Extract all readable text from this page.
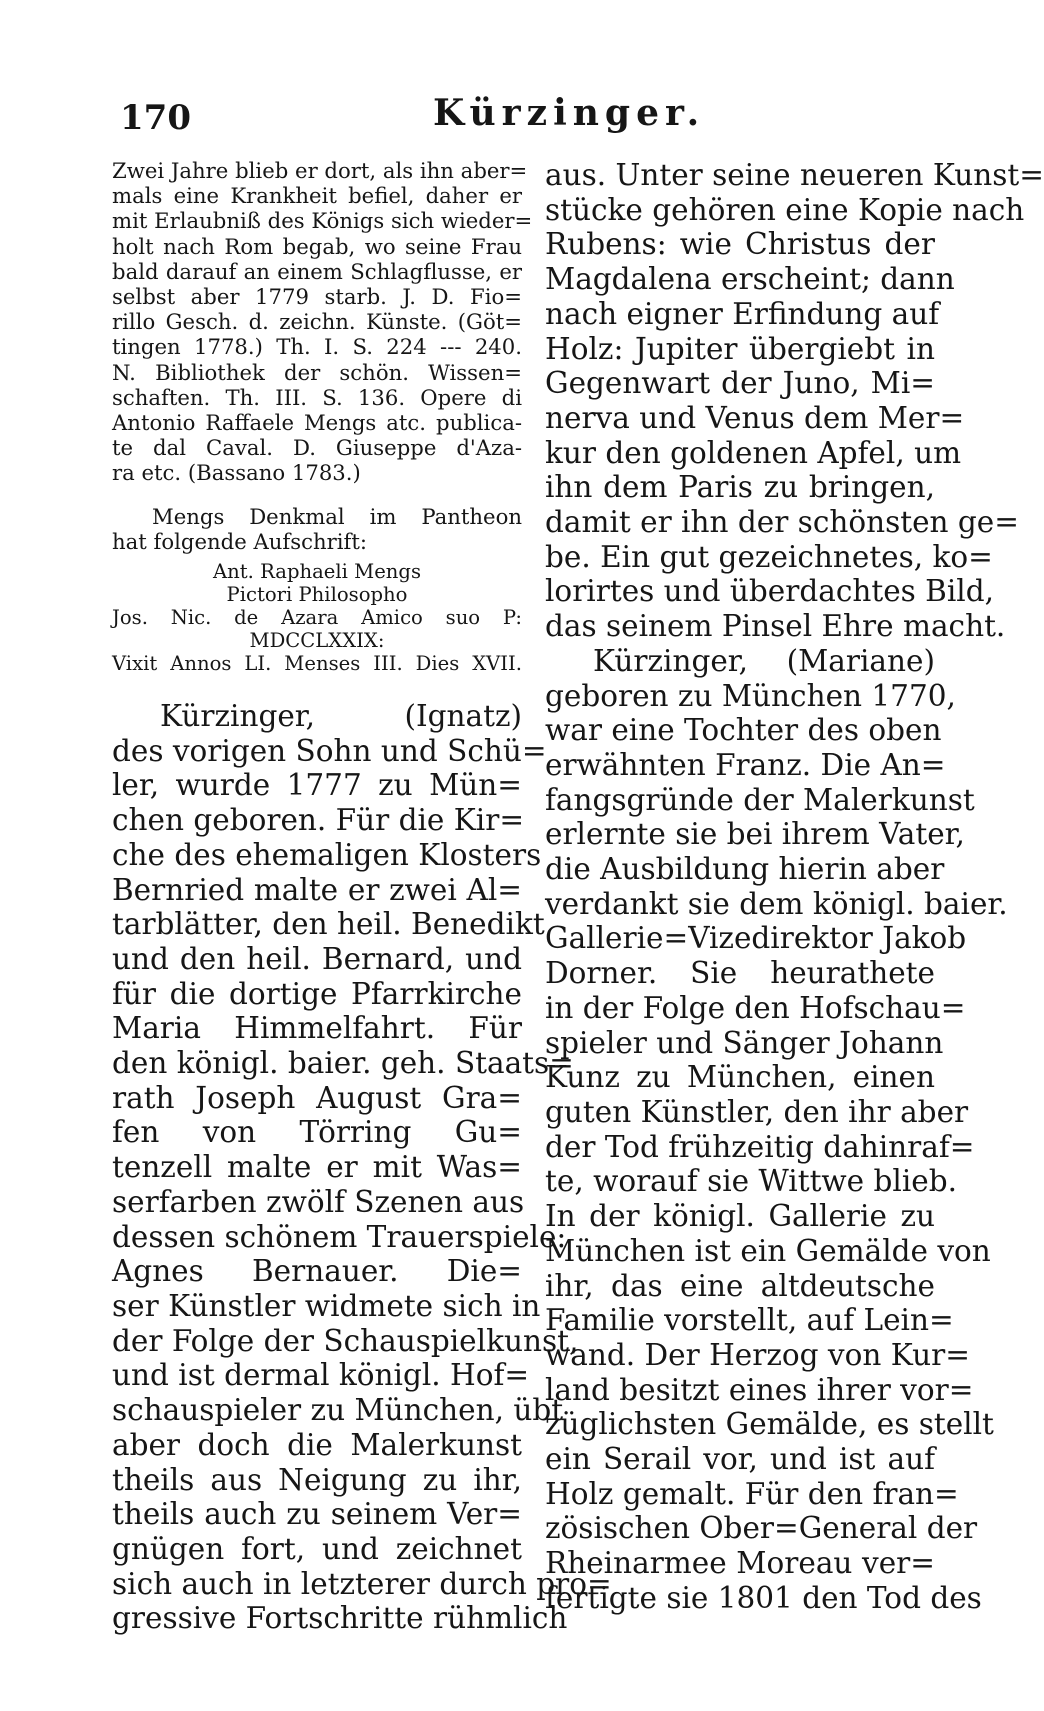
170	Kürzinger.
Zwei Jahre blieb er dort, als ihn aber=
mals eine Krankheit befiel, daher er
mit Erlaubniß des Königs sich wieder=
holt nach Rom begab, wo seine Frau
bald darauf an einem Schlagflusse, er
selbst aber 1779 starb. J. D. Fio=
rillo Gesch. d. zeichn. Künste. (Göt=
tingen 1778.) Th. I. S. 224 --- 240.
N. Bibliothek der schön. Wissen=
schaften. Th. III. S. 136. Opere di
Antonio Raffaele Mengs atc. publica-
te dal Caval. D. Giuseppe d'Aza-
ra etc. (Bassano 1783.)
Mengs Denkmal im Pantheon
hat folgende Aufschrift:
Ant. Raphaeli Mengs
Pictori Philosopho
Jos. Nic. de Azara Amico suo P:
MDCCLXXIX:
Vixit Annos LI. Menses III. Dies XVII.
Kürzinger, (Ignatz)
des vorigen Sohn und Schü=
ler, wurde 1777 zu Mün=
chen geboren. Für die Kir=
che des ehemaligen Klosters
Bernried malte er zwei Al=
tarblätter, den heil. Benedikt
und den heil. Bernard, und
für die dortige Pfarrkirche
Maria Himmelfahrt. Für
den königl. baier. geh. Staats=
rath Joseph August Gra=
fen von Törring Gu=
tenzell malte er mit Was=
serfarben zwölf Szenen aus
dessen schönem Trauerspiele:
Agnes Bernauer. Die=
ser Künstler widmete sich in
der Folge der Schauspielkunst,
und ist dermal königl. Hof=
schauspieler zu München, übt
aber doch die Malerkunst
theils aus Neigung zu ihr,
theils auch zu seinem Ver=
gnügen fort, und zeichnet
sich auch in letzterer durch pro=
gressive Fortschritte rühmlich
aus. Unter seine neueren Kunst=
stücke gehören eine Kopie nach
Rubens: wie Christus der
Magdalena erscheint; dann
nach eigner Erfindung auf
Holz: Jupiter übergiebt in
Gegenwart der Juno, Mi=
nerva und Venus dem Mer=
kur den goldenen Apfel, um
ihn dem Paris zu bringen,
damit er ihn der schönsten ge=
be. Ein gut gezeichnetes, ko=
lorirtes und überdachtes Bild,
das seinem Pinsel Ehre macht.
Kürzinger, (Mariane)
geboren zu München 1770,
war eine Tochter des oben
erwähnten Franz. Die An=
fangsgründe der Malerkunst
erlernte sie bei ihrem Vater,
die Ausbildung hierin aber
verdankt sie dem königl. baier.
Gallerie=Vizedirektor Jakob
Dorner. Sie heurathete
in der Folge den Hofschau=
spieler und Sänger Johann
Kunz zu München, einen
guten Künstler, den ihr aber
der Tod frühzeitig dahinraf=
te, worauf sie Wittwe blieb.
In der königl. Gallerie zu
München ist ein Gemälde von
ihr, das eine altdeutsche
Familie vorstellt, auf Lein=
wand. Der Herzog von Kur=
land besitzt eines ihrer vor=
züglichsten Gemälde, es stellt
ein Serail vor, und ist auf
Holz gemalt. Für den fran=
zösischen Ober=General der
Rheinarmee Moreau ver=
fertigte sie 1801 den Tod des
